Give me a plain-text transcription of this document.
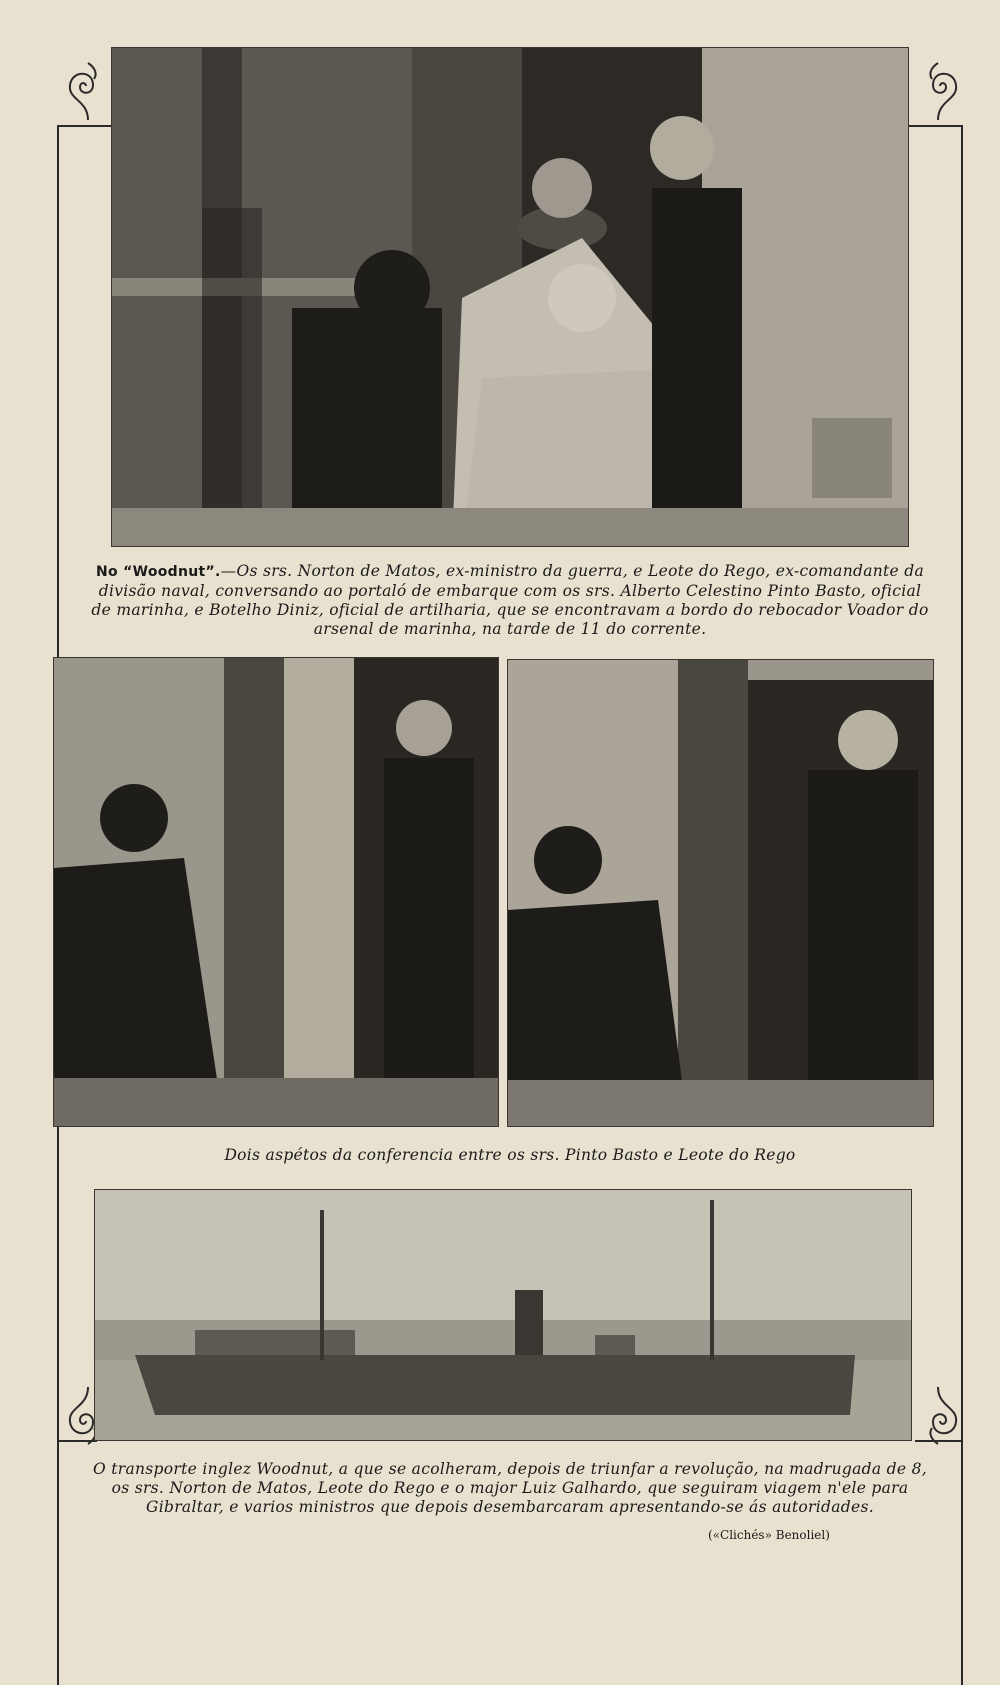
No “Woodnut”.—Os srs. Norton de Matos, ex-ministro da guerra, e Leote do Rego, ex-comandante da divisão naval, conversando ao portaló de embarque com os srs. Alberto Celestino Pinto Basto, oficial de marinha, e Botelho Diniz, oficial de artilharia, que se encontravam a bordo do rebocador Voador do arsenal de marinha, na tarde de 11 do corrente.
Dois aspétos da conferencia entre os srs. Pinto Basto e Leote do Rego
O transporte inglez Woodnut, a que se acolheram, depois de triunfar a revolução, na madrugada de 8, os srs. Norton de Matos, Leote do Rego e o major Luiz Galhardo, que seguiram viagem n'ele para Gibraltar, e varios ministros que depois desembarcaram apresentando-se ás autoridades.
(«Clichés» Benoliel)
